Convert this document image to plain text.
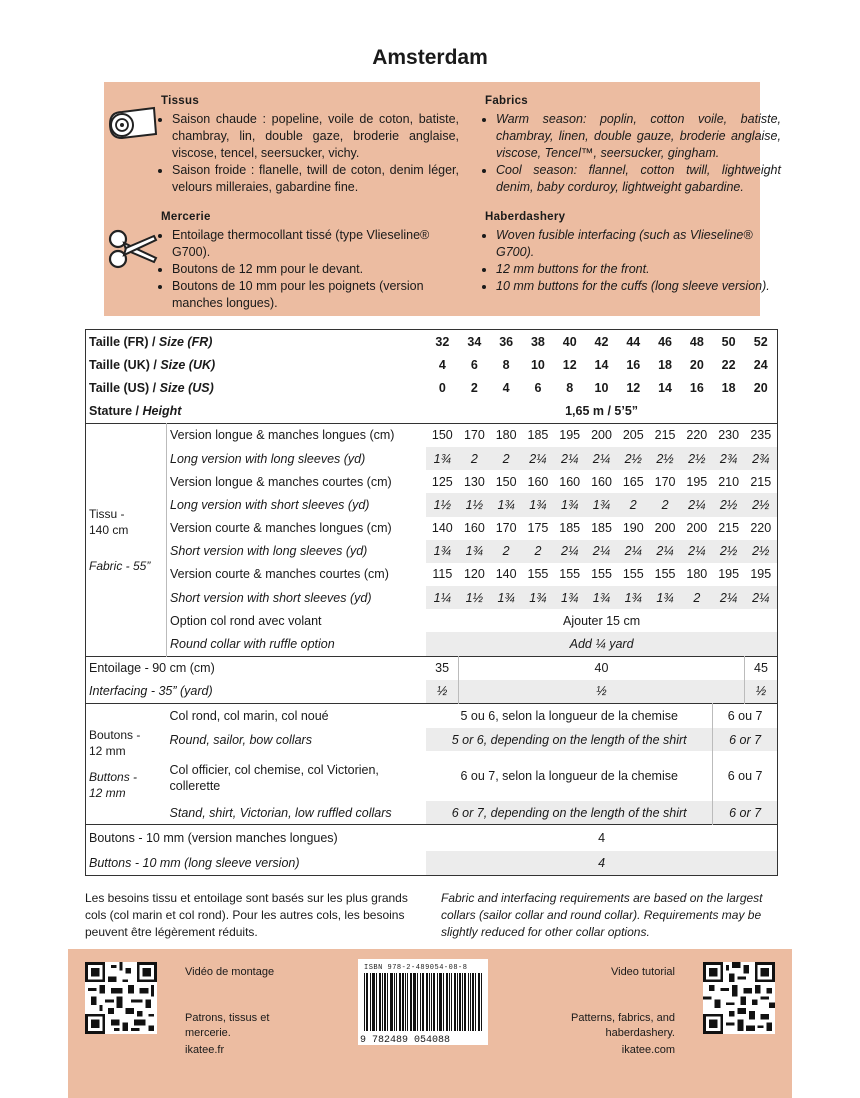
Amsterdam
Tissus
• Saison chaude : popeline, voile de coton, batiste, chambray, lin, double gaze, broderie anglaise, viscose, tencel, seersucker, vichy.
• Saison froide : flanelle, twill de coton, denim léger, velours milleraies, gabardine fine.
Fabrics
• Warm season: poplin, cotton voile, batiste, chambray, linen, double gauze, broderie anglaise, viscose, Tencel™, seersucker, gingham.
• Cool season: flannel, cotton twill, lightweight denim, baby corduroy, lightweight gabardine.
Mercerie
• Entoilage thermocollant tissé (type Vlieseline® G700).
• Boutons de 12 mm pour le devant.
• Boutons de 10 mm pour les poignets (version manches longues).
Haberdashery
• Woven fusible interfacing (such as Vlieseline® G700).
• 12 mm buttons for the front.
• 10 mm buttons for the cuffs (long sleeve version).
Taille (FR) / Size (FR)		32	34	36	38	40	42	44	46	48	50	52
Taille (UK) / Size (UK)		4	6	8	10	12	14	16	18	20	22	24
Taille (US) / Size (US)		0	2	4	6	8	10	12	14	16	18	20
Stature / Height		1,65 m / 5’5”										

Tissu - 140 cm
Fabric - 55”	Version longue & manches longues (cm)	150	170	180	185	195	200	205	215	220	230	235
	Long version with long sleeves (yd)	1¾	2	2	2¼	2¼	2¼	2½	2½	2½	2¾	2¾
	Version longue & manches courtes (cm)	125	130	150	160	160	160	165	170	195	210	215
	Long version with short sleeves (yd)	1½	1½	1¾	1¾	1¾	1¾	2	2	2¼	2½	2½
	Version courte & manches longues (cm)	140	160	170	175	185	185	190	200	200	215	220
	Short version with long sleeves (yd)	1¾	1¾	2	2	2¼	2¼	2¼	2¼	2¼	2½	2½
	Version courte & manches courtes (cm)	115	120	140	155	155	155	155	155	180	195	195
	Short version with short sleeves (yd)	1¼	1½	1¾	1¾	1¾	1¾	1¾	1¾	2	2¼	2¼
	Option col rond avec volant	Ajouter 15 cm										
	Round collar with ruffle option	Add ¼ yard										
Entoilage - 90 cm (cm)		35	40									45
Interfacing - 35” (yard)		½	½									½

Boutons - 12 mm
Buttons - 12 mm	Col rond, col marin, col noué	5 ou 6, selon la longueur de la chemise									6 ou 7	
	Round, sailor, bow collars	5 or 6, depending on the length of the shirt									6 or 7	
	Col officier, col chemise, col Victorien, collerette	6 ou 7, selon la longueur de la chemise									6 ou 7	
	Stand, shirt, Victorian, low ruffled collars	6 or 7, depending on the length of the shirt									6 or 7	
Boutons - 10 mm (version manches longues)		4										
Buttons - 10 mm (long sleeve version)		4										
Les besoins tissu et entoilage sont basés sur les plus grands cols (col marin et col rond). Pour les autres cols, les besoins peuvent être légèrement réduits.
Fabric and interfacing requirements are based on the largest collars (sailor collar and round collar). Requirements may be slightly reduced for other collar options.
Vidéo de montage
Patrons, tissus et mercerie.
ikatee.fr
ISBN 978-2-489054-08-8
9 782489 054088
Video tutorial
Patterns, fabrics, and haberdashery.
ikatee.com
